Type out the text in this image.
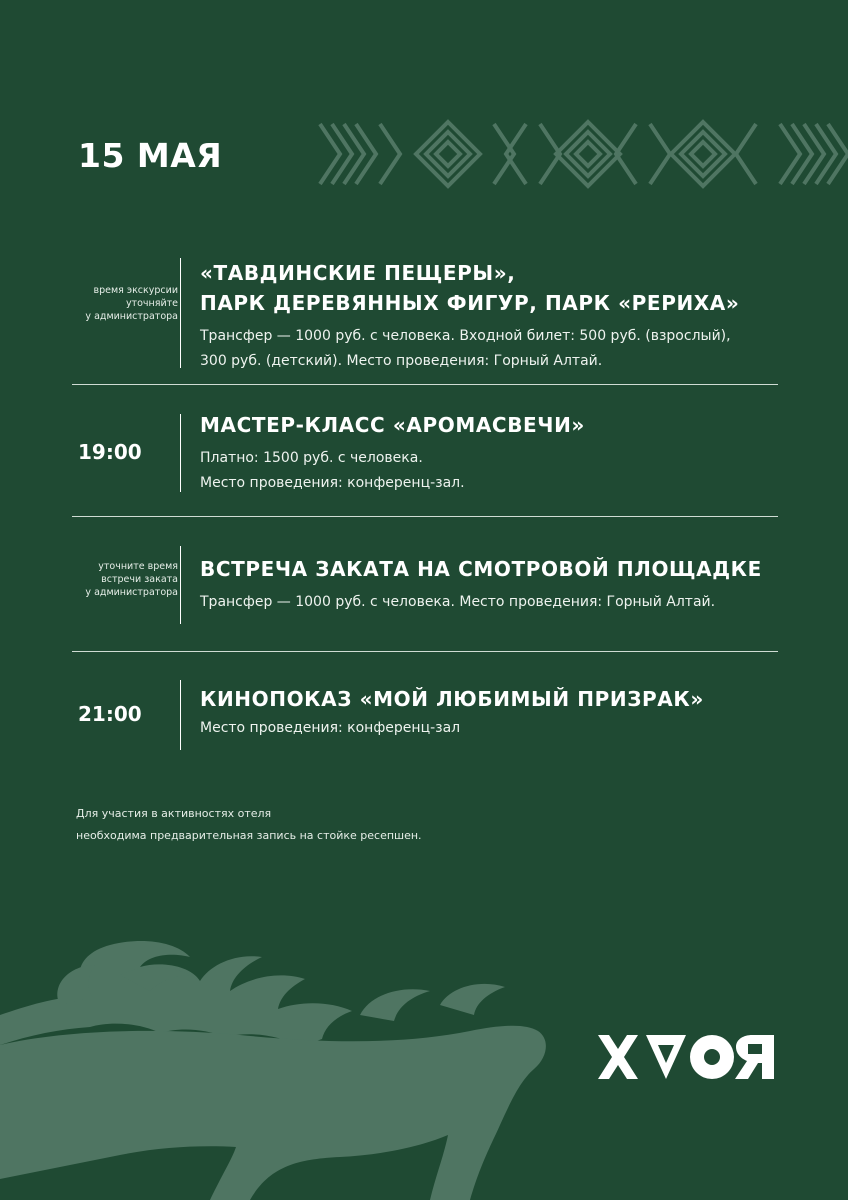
15 МАЯ
время экскурсии
уточняйте
у администратора
«ТАВДИНСКИЕ ПЕЩЕРЫ»,
ПАРК ДЕРЕВЯННЫХ ФИГУР, ПАРК «РЕРИХА»
Трансфер — 1000 руб. с человека. Входной билет: 500 руб. (взрослый),
300 руб. (детский). Место проведения: Горный Алтай.
19:00
МАСТЕР-КЛАСС «АРОМАСВЕЧИ»
Платно: 1500 руб. с человека.
Место проведения: конференц-зал.
уточните время
встречи заката
у администратора
ВСТРЕЧА ЗАКАТА НА СМОТРОВОЙ ПЛОЩАДКЕ
Трансфер — 1000 руб. с человека. Место проведения: Горный Алтай.
21:00
КИНОПОКАЗ «МОЙ ЛЮБИМЫЙ ПРИЗРАК»
Место проведения: конференц-зал
Для участия в активностях отеля
необходима предварительная запись на стойке ресепшен.
